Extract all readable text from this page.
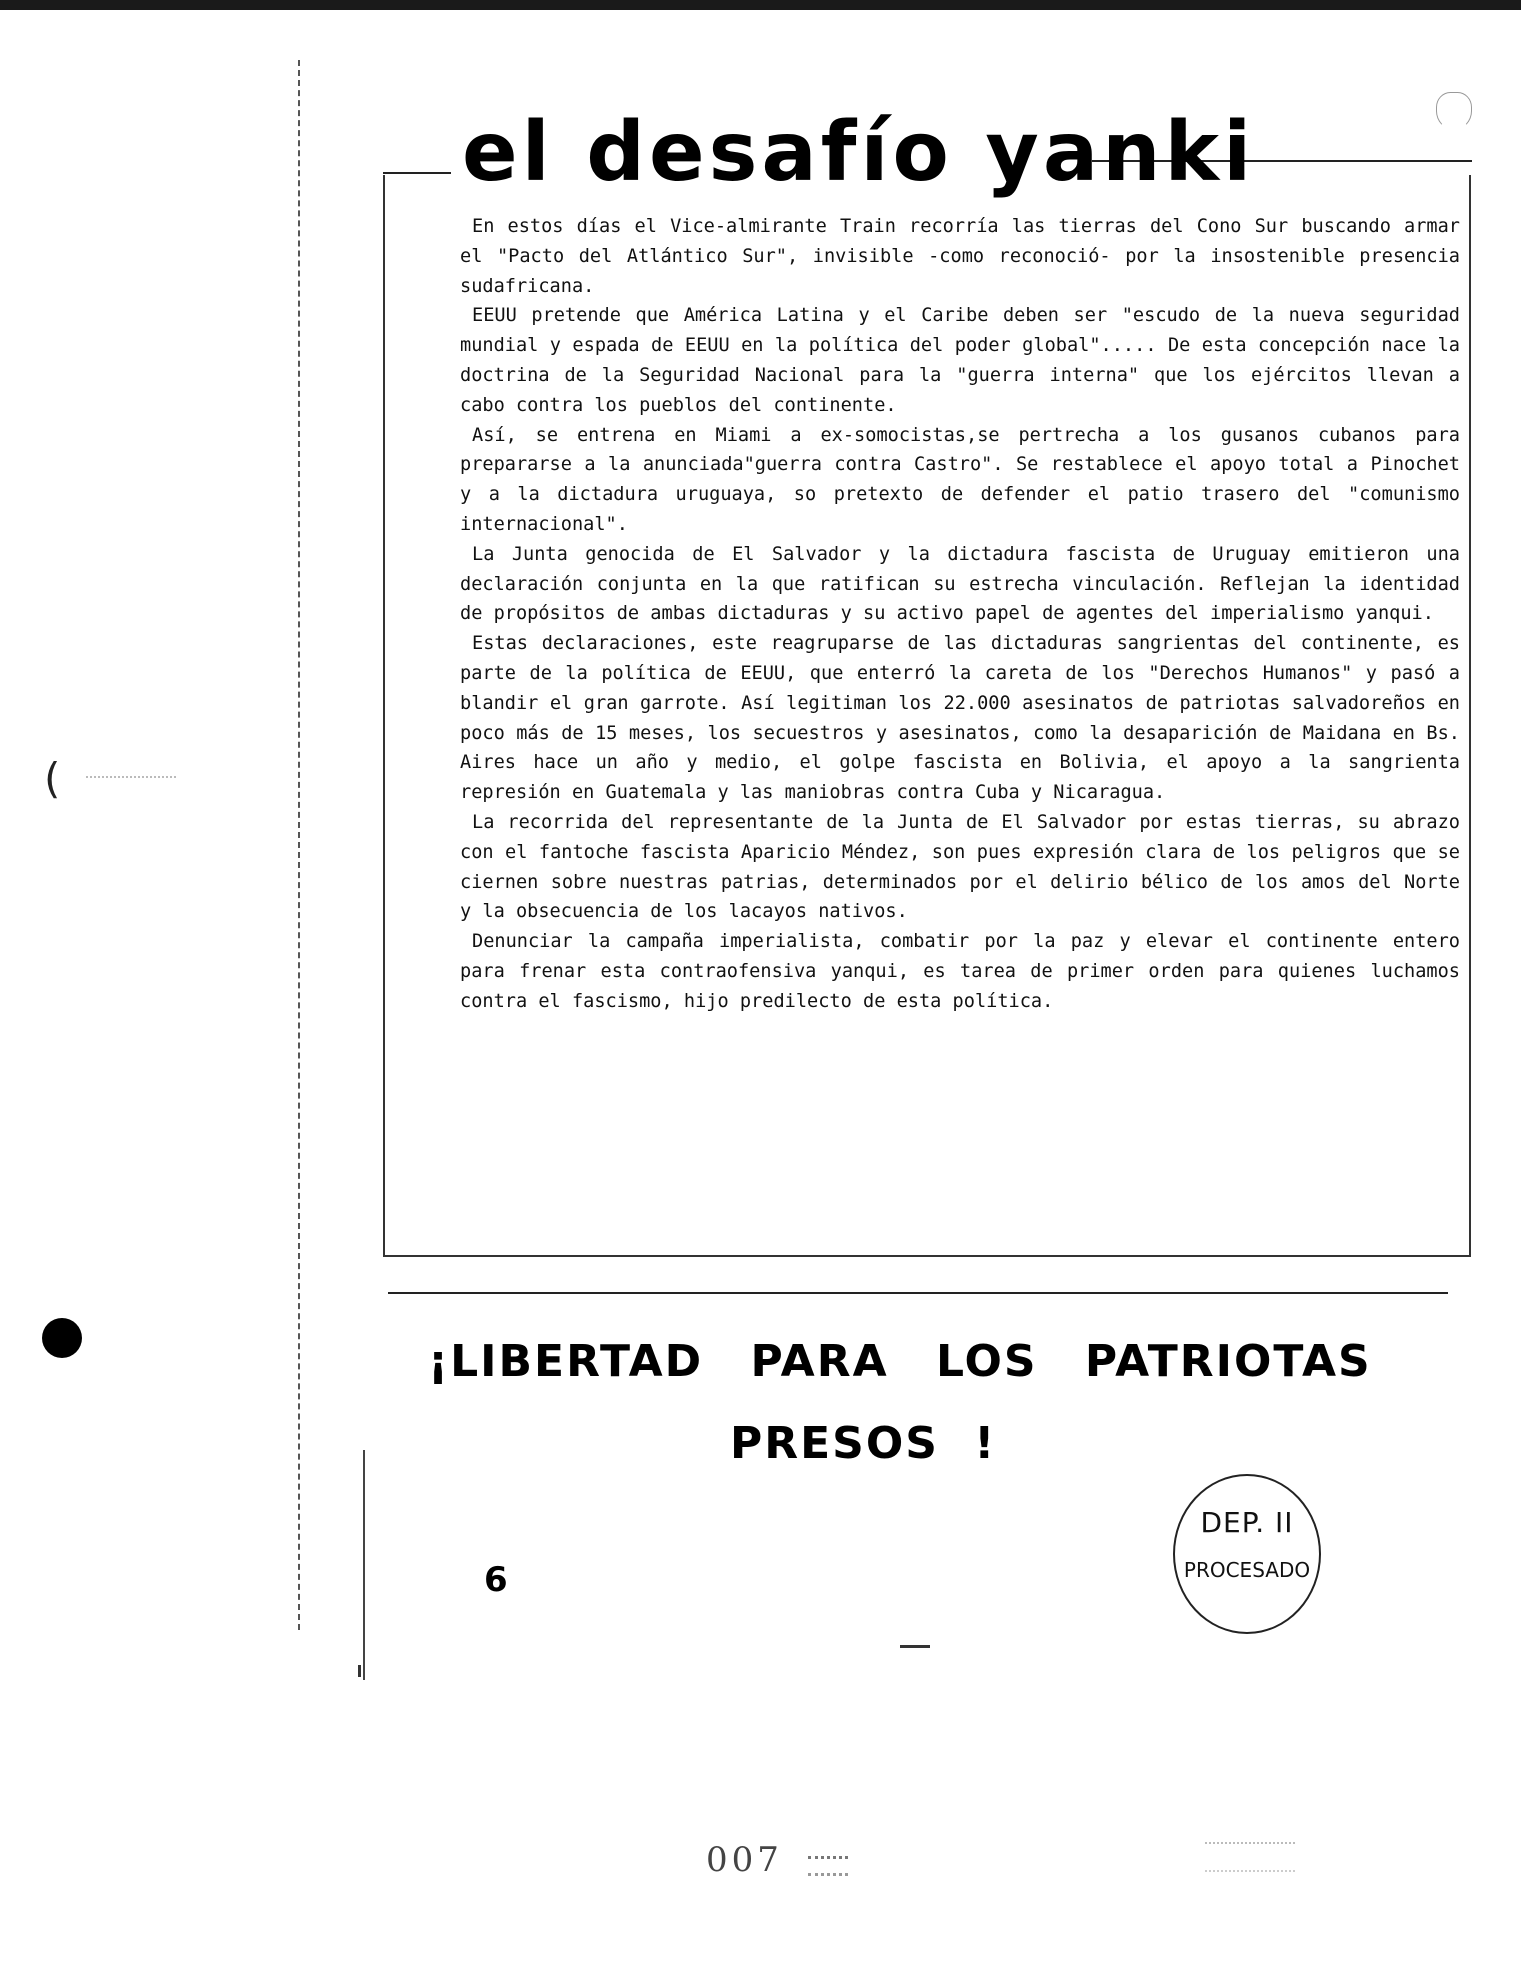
(
el desafío yanki

En estos días el Vice-almirante Train recorría las tierras del Cono Sur buscando armar el "Pacto del Atlántico Sur", invisible -como reconoció- por la insostenible presencia sudafricana.

EEUU pretende que América Latina y el Caribe deben ser "escudo de la nueva seguridad mundial y espada de EEUU en la política del poder global"..... De esta concepción nace la doctrina de la Seguridad Nacional para la "guerra interna" que los ejércitos llevan a cabo contra los pueblos del continente.

Así, se entrena en Miami a ex-somocistas,se pertrecha a los gusanos cubanos para prepararse a la anunciada"guerra contra Castro". Se restablece el apoyo total a Pinochet y a la dictadura uruguaya, so pretexto de defender el patio trasero del "comunismo internacional".

La Junta genocida de El Salvador y la dictadura fascista de Uruguay emitieron una declaración conjunta en la que ratifican su estrecha vinculación. Reflejan la identidad de propósitos de ambas dictaduras y su activo papel de agentes del imperialismo yanqui.

Estas declaraciones, este reagruparse de las dictaduras sangrientas del continente, es parte de la política de EEUU, que enterró la careta de los "Derechos Humanos" y pasó a blandir el gran garrote. Así legitiman los 22.000 asesinatos de patriotas salvadoreños en poco más de 15 meses, los secuestros y asesinatos, como la desaparición de Maidana en Bs. Aires hace un año y medio, el golpe fascista en Bolivia, el apoyo a la sangrienta represión en Guatemala y las maniobras contra Cuba y Nicaragua.

La recorrida del representante de la Junta de El Salvador por estas tierras, su abrazo con el fantoche fascista Aparicio Méndez, son pues expresión clara de los peligros que se ciernen sobre nuestras patrias, determinados por el delirio bélico de los amos del Norte y la obsecuencia de los lacayos nativos.

Denunciar la campaña imperialista, combatir por la paz y elevar el continente entero para frenar esta contraofensiva yanqui, es tarea de primer orden para quienes luchamos contra el fascismo, hijo predilecto de esta política.

¡LIBERTAD PARA LOS PATRIOTAS
PRESOS !
6
DEP. II
PROCESADO
007
